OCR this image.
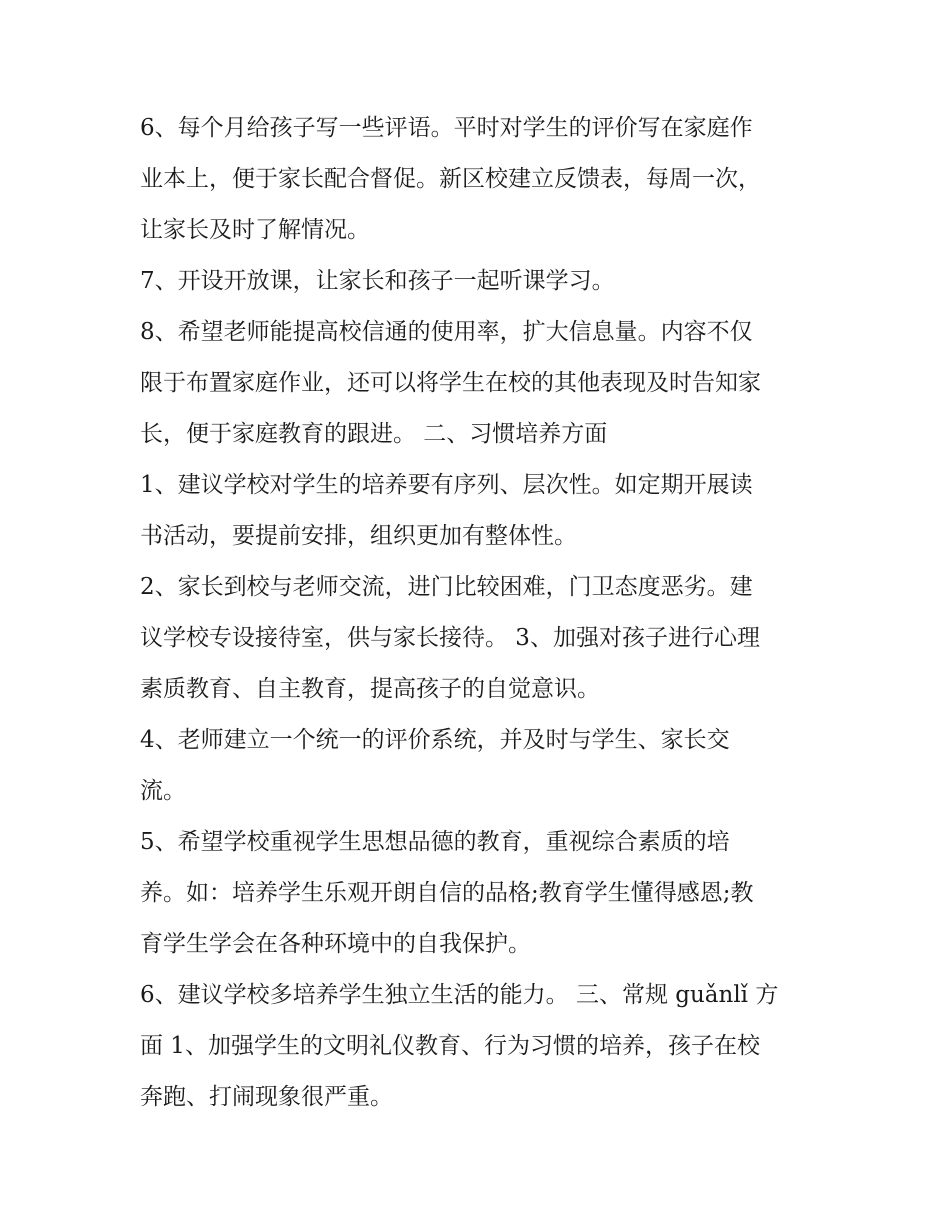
6、每个月给孩子写一些评语。平时对学生的评价写在家庭作
业本上，便于家长配合督促。新区校建立反馈表，每周一次，
让家长及时了解情况。
7、开设开放课，让家长和孩子一起听课学习。
8、希望老师能提高校信通的使用率，扩大信息量。内容不仅
限于布置家庭作业，还可以将学生在校的其他表现及时告知家
长，便于家庭教育的跟进。 二、习惯培养方面
1、建议学校对学生的培养要有序列、层次性。如定期开展读
书活动，要提前安排，组织更加有整体性。
2、家长到校与老师交流，进门比较困难，门卫态度恶劣。建
议学校专设接待室，供与家长接待。 3、加强对孩子进行心理
素质教育、自主教育，提高孩子的自觉意识。
4、老师建立一个统一的评价系统，并及时与学生、家长交
流。
5、希望学校重视学生思想品德的教育，重视综合素质的培
养。如：培养学生乐观开朗自信的品格;教育学生懂得感恩;教
育学生学会在各种环境中的自我保护。
6、建议学校多培养学生独立生活的能力。 三、常规 guǎnlǐ 方
面 1、加强学生的文明礼仪教育、行为习惯的培养，孩子在校
奔跑、打闹现象很严重。
